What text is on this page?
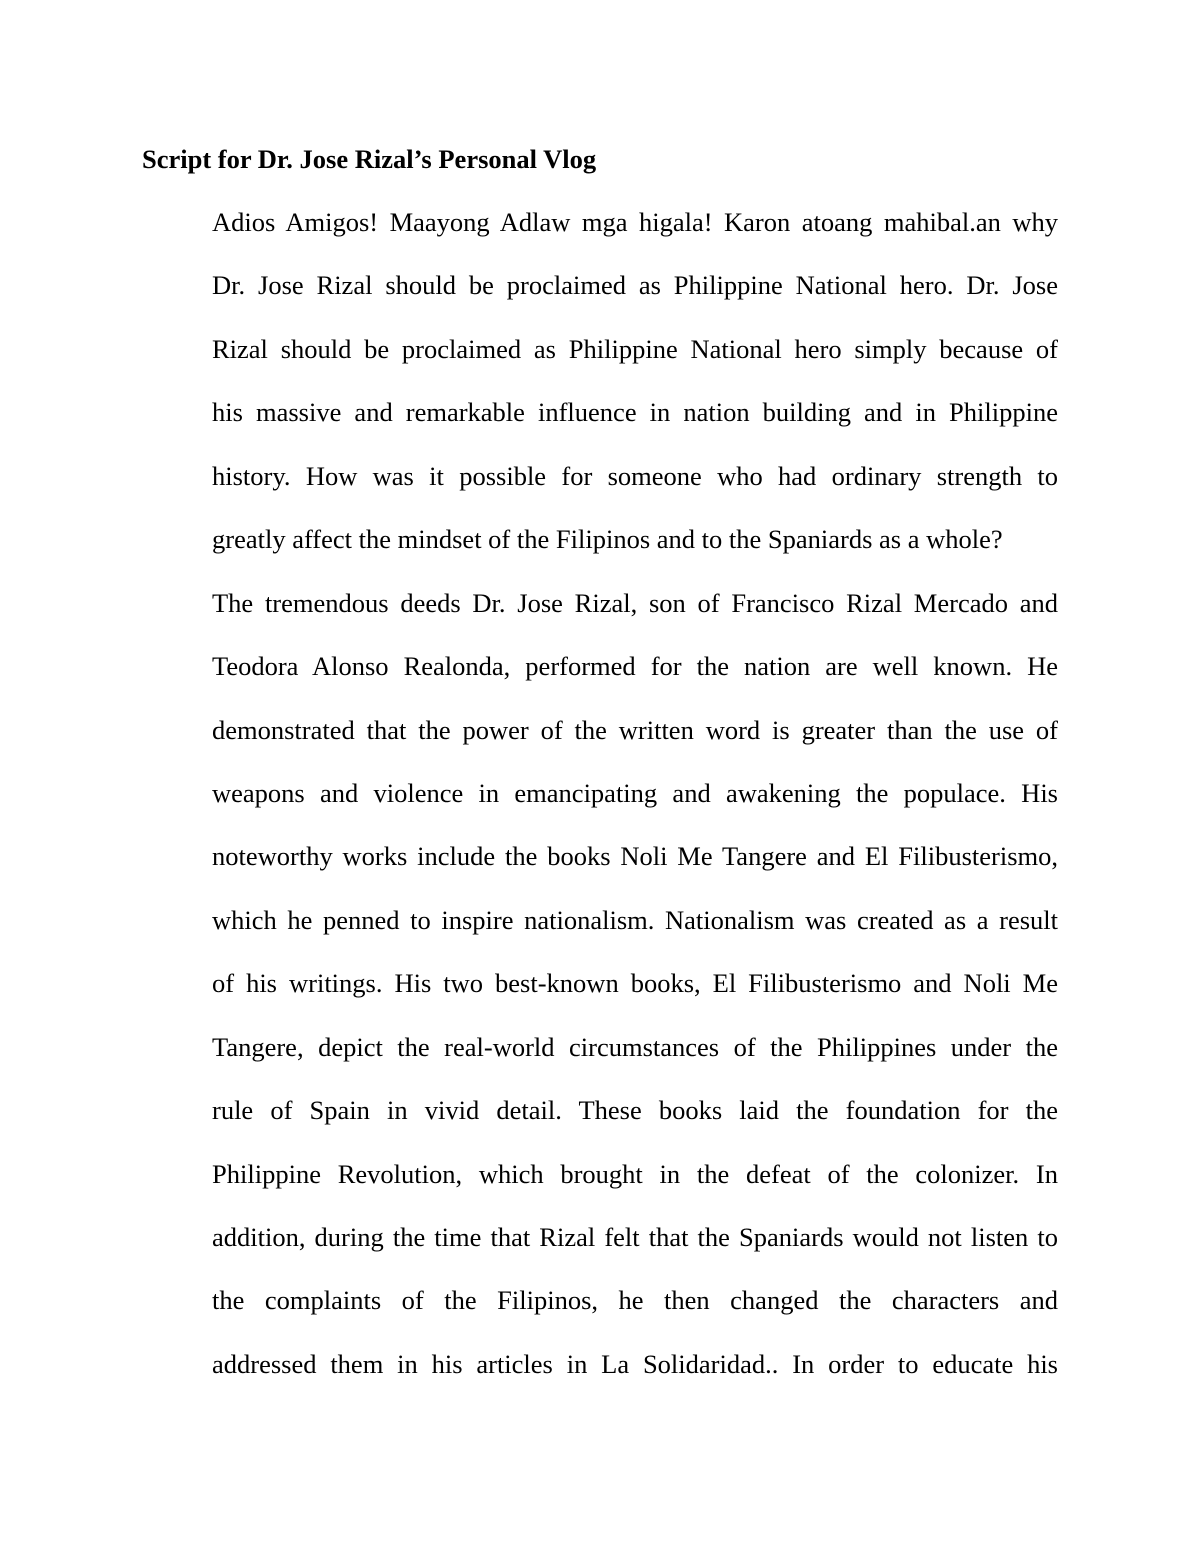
Script for Dr. Jose Rizal’s Personal Vlog
Adios Amigos! Maayong Adlaw mga higala! Karon atoang mahibal.an why
Dr. Jose Rizal should be proclaimed as Philippine National hero. Dr. Jose
Rizal should be proclaimed as Philippine National hero simply because of
his massive and remarkable influence in nation building and in Philippine
history. How was it possible for someone who had ordinary strength to
greatly affect the mindset of the Filipinos and to the Spaniards as a whole?
The tremendous deeds Dr. Jose Rizal, son of Francisco Rizal Mercado and
Teodora Alonso Realonda, performed for the nation are well known. He
demonstrated that the power of the written word is greater than the use of
weapons and violence in emancipating and awakening the populace. His
noteworthy works include the books Noli Me Tangere and El Filibusterismo,
which he penned to inspire nationalism. Nationalism was created as a result
of his writings. His two best-known books, El Filibusterismo and Noli Me
Tangere, depict the real-world circumstances of the Philippines under the
rule of Spain in vivid detail. These books laid the foundation for the
Philippine Revolution, which brought in the defeat of the colonizer. In
addition, during the time that Rizal felt that the Spaniards would not listen to
the complaints of the Filipinos, he then changed the characters and
addressed them in his articles in La Solidaridad.. In order to educate his
